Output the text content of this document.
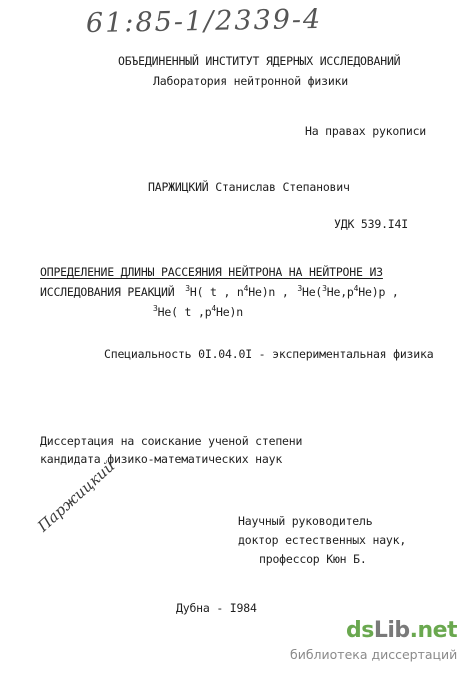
61:85-1/2339-4
ОБЪЕДИНЕННЫЙ ИНСТИТУТ ЯДЕРНЫХ ИССЛЕДОВАНИЙ
Лаборатория нейтронной физики
На правах рукописи
ПАРЖИЦКИЙ Станислав Степанович
УДК 539.I4I
ОПРЕДЕЛЕНИЕ ДЛИНЫ РАССЕЯНИЯ НЕЙТРОНА НА НЕЙТРОНЕ ИЗ
ИССЛЕДОВАНИЯ РЕАКЦИЙ $^3$H( t , $n^4He)n$ , $^3He(^3He,p^4He)p$ ,
$^3$He( t $,p^4He)n$
Специальность 0I.04.0I - экспериментальная физика
Диссертация на соискание ученой степени
кандидата физико-математических наук
Научный руководитель
доктор естественных наук,
профессор Кюн Б.
Паржицкий
Дубна - I984
dsLib.net
библиотека диссертаций
